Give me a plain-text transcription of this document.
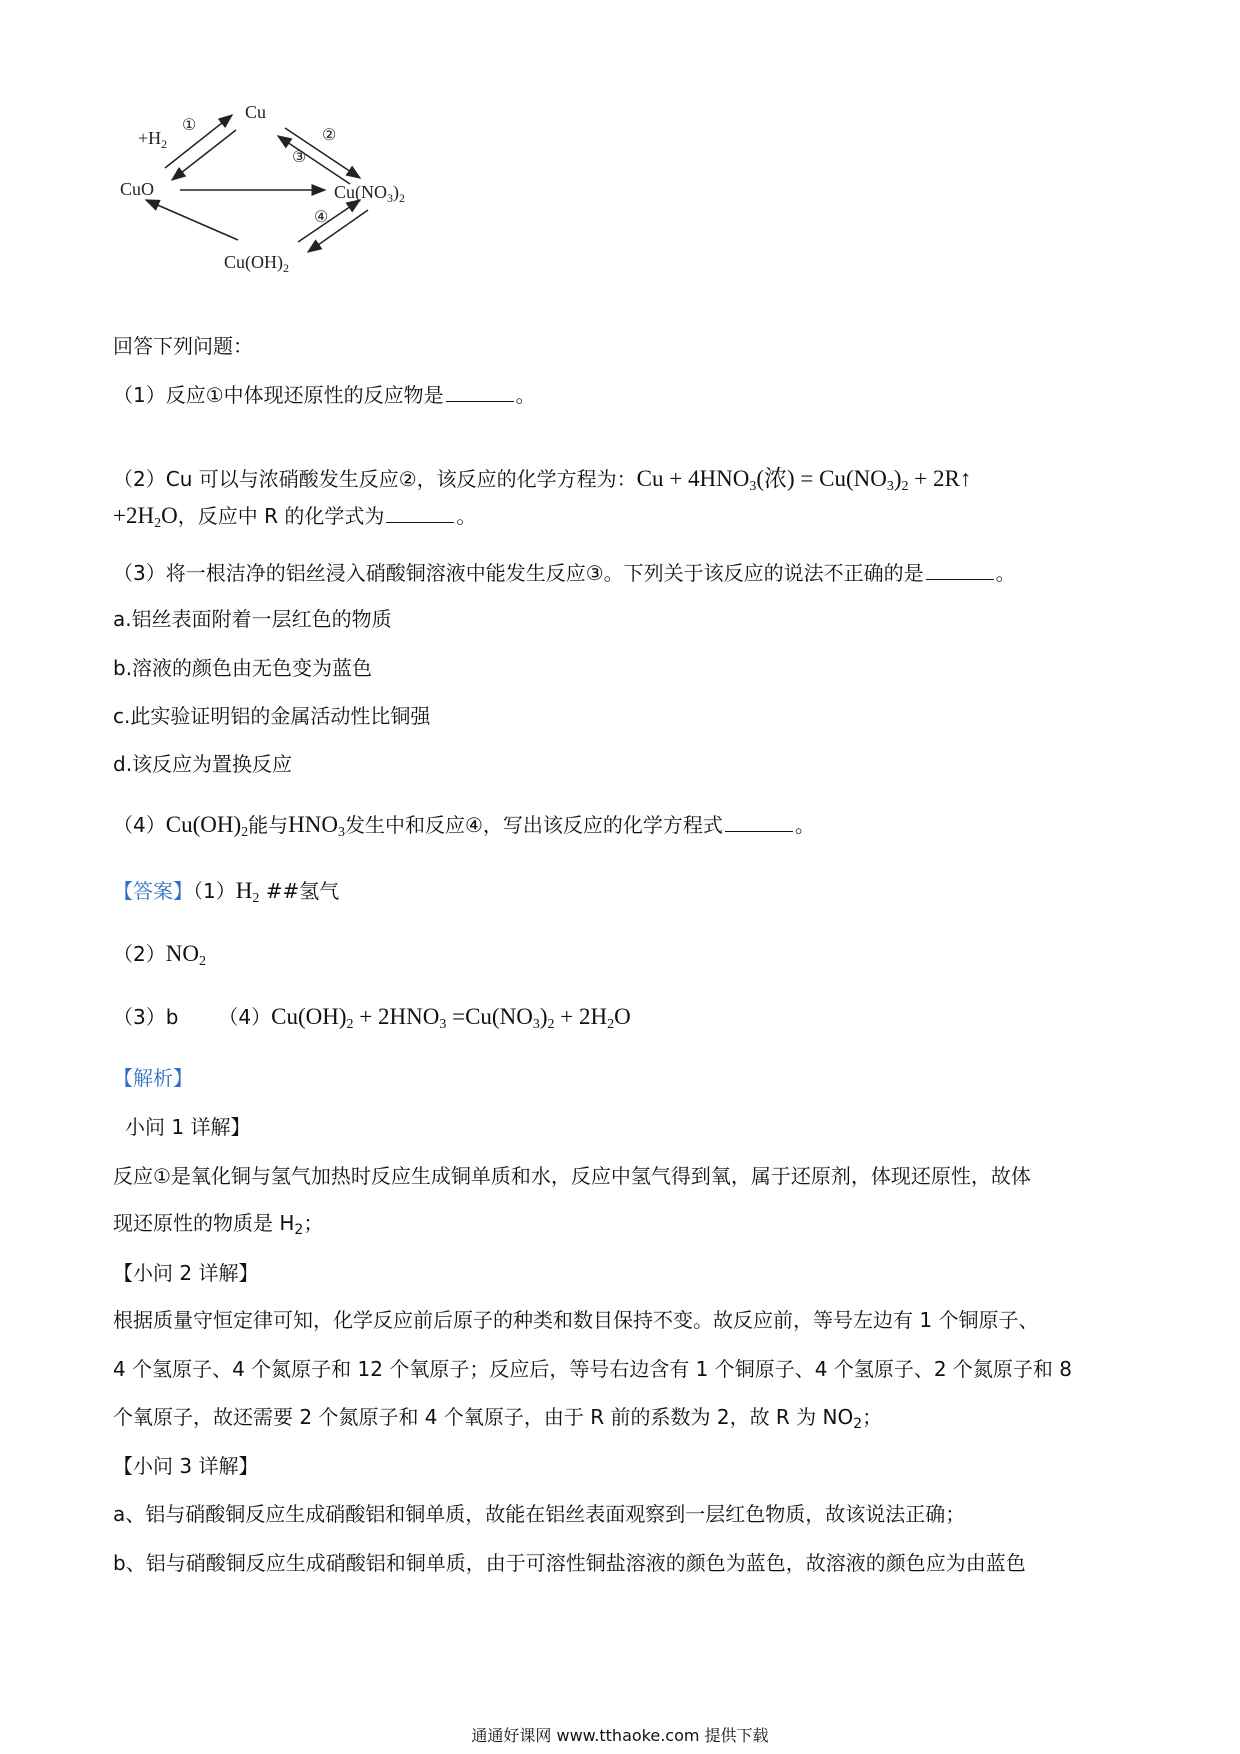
Cu
CuO	$Cu(NO_3)_2$
$Cu(OH)_2$
$+H_2$
①
②
③
④
回答下列问题：
（1）反应①中体现还原性的反应物是	。
（2）Cu 可以与浓硝酸发生反应②，该反应的化学方程为：$Cu + 4HNO_3$(浓) = $Cu(NO_3)_2$ + 2R↑
$+2H_2O$，反应中 R 的化学式为	。
（3）将一根洁净的铝丝浸入硝酸铜溶液中能发生反应③。下列关于该反应的说法不正确的是	。
a.铝丝表面附着一层红色的物质
b.溶液的颜色由无色变为蓝色
c.此实验证明铝的金属活动性比铜强
d.该反应为置换反应
$(4)Cu(OH)_2$能与$HNO_3$发生中和反应④，写出该反应的化学方程式	。
【答案】$(1)H_2$ ##氢气
$(2)NO_2$
（3）b $(4)Cu(OH)_2 + 2HNO_3 =Cu(NO_3)_2 + 2H_2O$
【解析】
小问 1 详解】
反应①是氧化铜与氢气加热时反应生成铜单质和水，反应中氢气得到氧，属于还原剂，体现还原性，故体
现还原性的物质是 $H_2$；
【小问 2 详解】
根据质量守恒定律可知，化学反应前后原子的种类和数目保持不变。故反应前，等号左边有 1 个铜原子、
4 个氢原子、4 个氮原子和 12 个氧原子；反应后，等号右边含有 1 个铜原子、4 个氢原子、2 个氮原子和 8
个氧原子，故还需要 2 个氮原子和 4 个氧原子，由于 R 前的系数为 2，故 R 为 $NO_2$；
【小问 3 详解】
a、铝与硝酸铜反应生成硝酸铝和铜单质，故能在铝丝表面观察到一层红色物质，故该说法正确；
b、铝与硝酸铜反应生成硝酸铝和铜单质，由于可溶性铜盐溶液的颜色为蓝色，故溶液的颜色应为由蓝色
通通好课网 www.tthaoke.com 提供下载
